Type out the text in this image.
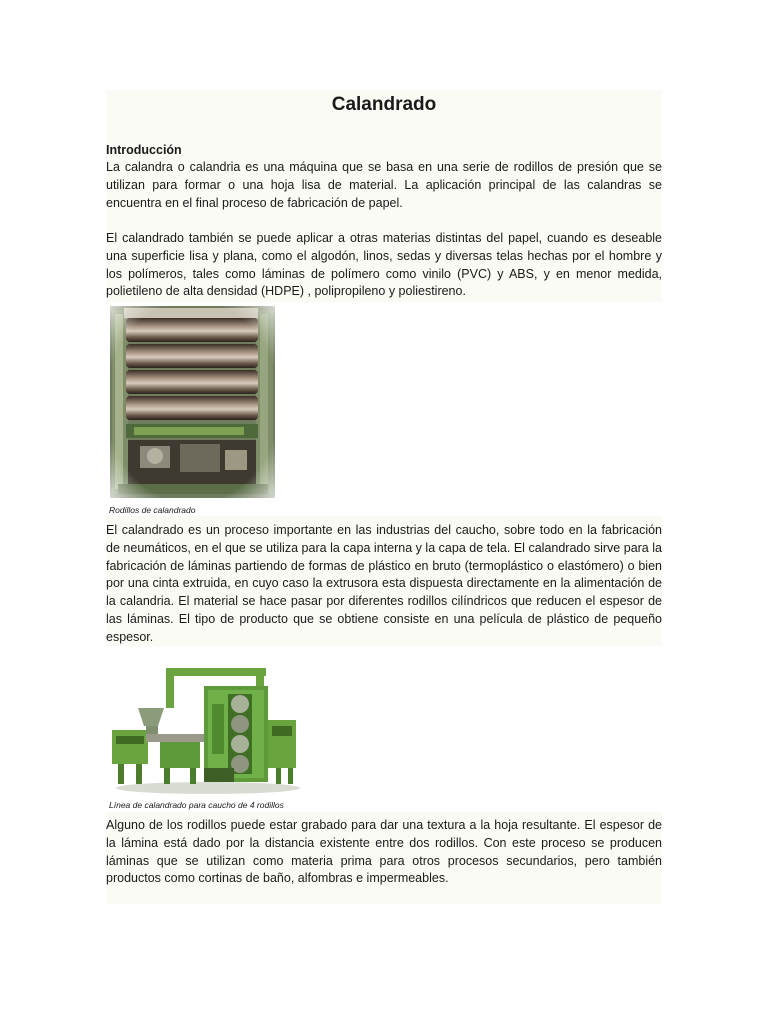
Calandrado
Introducción

La calandra o calandria es una máquina que se basa en una serie de rodillos de presión que se utilizan para formar o una hoja lisa de material. La aplicación principal de las calandras se encuentra en el final proceso de fabricación de papel.

El calandrado también se puede aplicar a otras materias distintas del papel, cuando es deseable una superficie lisa y plana, como el algodón, linos, sedas y diversas telas hechas por el hombre y los polímeros, tales como láminas de polímero como vinilo (PVC) y ABS, y en menor medida, polietileno de alta densidad (HDPE) , polipropileno y poliestireno.

Rodillos de calandrado

El calandrado es un proceso importante en las industrias del caucho, sobre todo en la fabricación de neumáticos, en el que se utiliza para la capa interna y la capa de tela. El calandrado sirve para la fabricación de láminas partiendo de formas de plástico en bruto (termoplástico o elastómero) o bien por una cinta extruida, en cuyo caso la extrusora esta dispuesta directamente en la alimentación de la calandria. El material se hace pasar por diferentes rodillos cilíndricos que reducen el espesor de las láminas. El tipo de producto que se obtiene consiste en una película de plástico de pequeño espesor.

Línea de calandrado para caucho de 4 rodillos

Alguno de los rodillos puede estar grabado para dar una textura a la hoja resultante. El espesor de la lámina está dado por la distancia existente entre dos rodillos. Con este proceso se producen láminas que se utilizan como materia prima para otros procesos secundarios, pero también productos como cortinas de baño, alfombras e impermeables.
